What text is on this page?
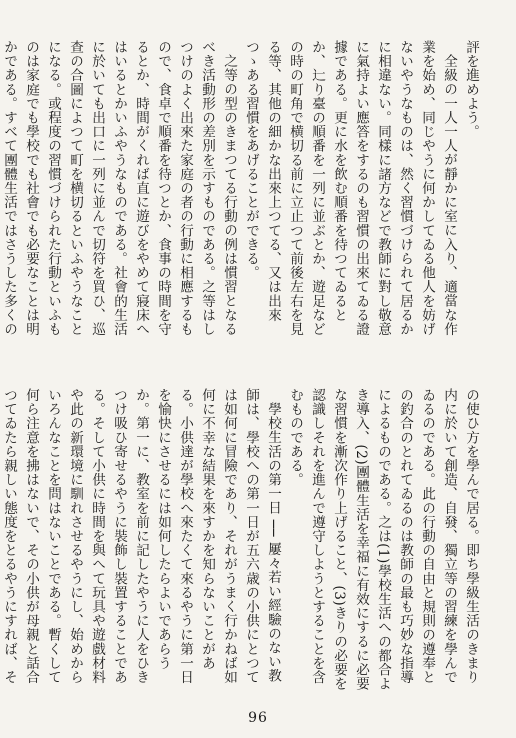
評を進めよう。

全級の一人一人が靜かに室に入り、適當な作業を始め、同じやうに何かしてゐる他人を妨げないやうなものは、然く習慣づけられて居るかに相違ない。同樣に諸方などで教師に對し敬意に氣持よい應答をするのも習慣の出來てゐる證據である。更に水を飲む順番を待つてゐるとか、辷り臺の順番を一列に並ぶとか、遊足などの時の町角で横切る前に立止つて前後左右を見る等、其他の細かな出來上つてる、又は出來つゝある習慣をあげることができる。

之等の型のきまつてる行動の例は慣習となるべき活動形の差別を示すものである。之等はしつけのよく出來た家庭の者の行動に相應するもので、食卓で順番を待つとか、食事の時間を守るとか、時間がくれば直に遊びをやめて寢床へはいるとかいふやうなものである。社會的生活に於いても出口に一列に並んで切符を買ひ、巡查の合圖によつて町を横切るといふやうなことになる。或程度の習慣づけられた行動といふものは家庭でも學校でも社會でも必要なことは明かである。すべて團體生活ではさうした多くの

の使ひ方を學んで居る。即ち學級生活のきまり内に於いて創造、自發、獨立等の習練を學んでゐるのである。此の行動の自由と規則の遵奉との釣合のとれてゐるのは教師の最も巧妙な指導によるものである。之は(1)學校生活への都合よき導入、(2)團體生活を幸福に有效にするに必要な習慣を漸次作り上げること、(3)きりの必要を認識しそれを進んで遵守しようとすることを含むものである。

學校生活の第一日 ── 屢々若い經驗のない教師は、學校への第一日が五六歳の小供にとつては如何に冒險であり、それがうまく行かねば如何に不幸な結果を來すかを知らないことがある。小供達が學校へ來たくて來るやうに第一日を愉快にさせるには如何したらよいであらうか。第一に、教室を前に記したやうに人をひきつけ吸ひ寄せるやうに裝飾し裝置することである。そして小供に時間を與へて玩具や遊戲材料や此の新環境に馴れさせるやうにし、始めからいろんなことを問はないことである。暫くして何ら注意を拂はないで、その小供が母親と話合つてゐたら親しい態度をとるやうにすれば、そ

96
